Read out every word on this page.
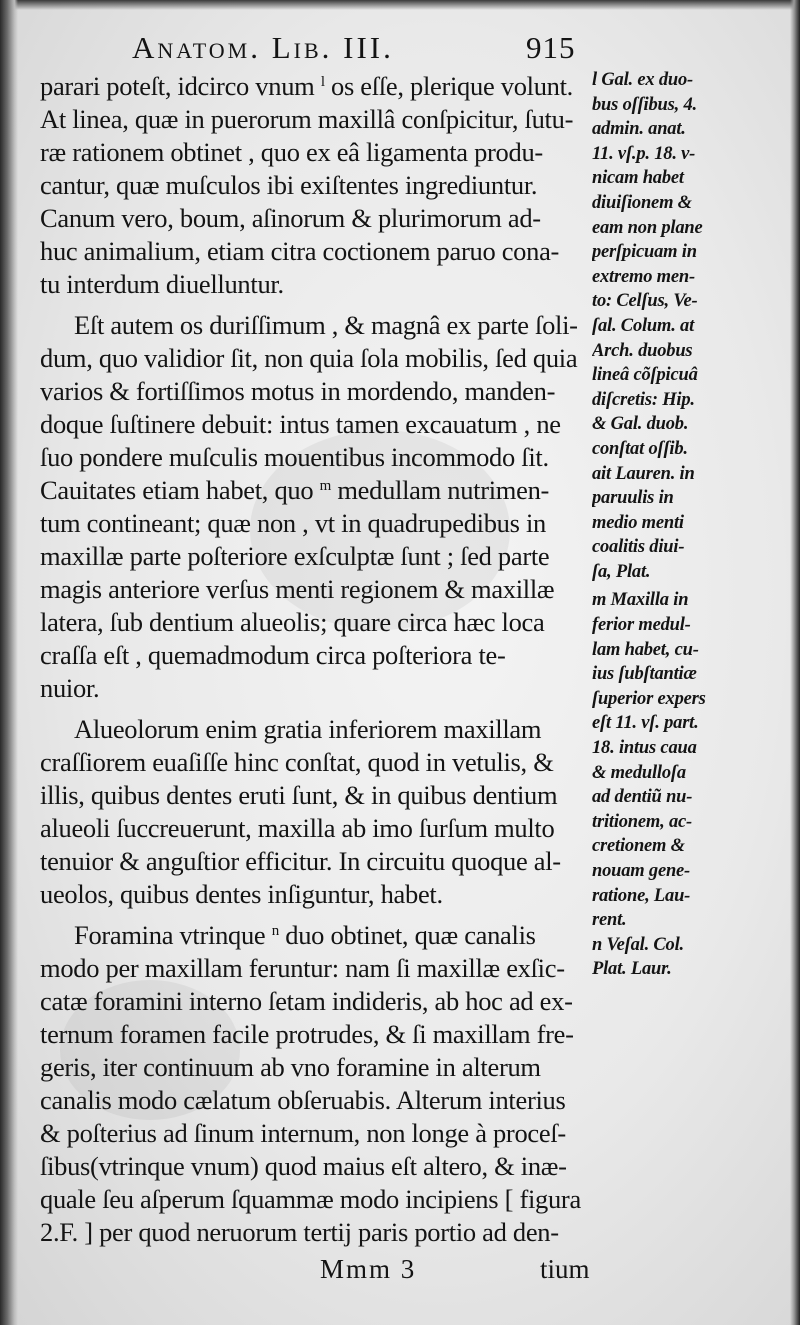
Anatom. Lib. III.	915
parari poteſt, idcirco vnum $^l$ os eſſe, plerique volunt.
At linea, quæ in puerorum maxillâ conſpicitur, ſutu-
ræ rationem obtinet , quo ex eâ ligamenta produ-
cantur, quæ muſculos ibi exiſtentes ingrediuntur.
Canum vero, boum, aſinorum & plurimorum ad-
huc animalium, etiam citra coctionem paruo cona-
tu interdum diuelluntur.
Eſt autem os duriſſimum , & magnâ ex parte ſoli-
dum, quo validior ſit, non quia ſola mobilis, ſed quia
varios & fortiſſimos motus in mordendo, manden-
doque ſuſtinere debuit: intus tamen excauatum , ne
ſuo pondere muſculis mouentibus incommodo ſit.
Cauitates etiam habet, quo $^m$ medullam nutrimen-
tum contineant; quæ non , vt in quadrupedibus in
maxillæ parte poſteriore exſculptæ ſunt ; ſed parte
magis anteriore verſus menti regionem & maxillæ
latera, ſub dentium alueolis; quare circa hæc loca
craſſa eſt , quemadmodum circa poſteriora te-
nuior.
Alueolorum enim gratia inferiorem maxillam
craſſiorem euaſiſſe hinc conſtat, quod in vetulis, &
illis, quibus dentes eruti ſunt, & in quibus dentium
alueoli ſuccreuerunt, maxilla ab imo ſurſum multo
tenuior & anguſtior efficitur. In circuitu quoque al-
ueolos, quibus dentes inſiguntur, habet.
Foramina vtrinque $^n$ duo obtinet, quæ canalis
modo per maxillam feruntur: nam ſi maxillæ exſic-
catæ foramini interno ſetam indideris, ab hoc ad ex-
ternum foramen facile protrudes, & ſi maxillam fre-
geris, iter continuum ab vno foramine in alterum
canalis modo cælatum obſeruabis. Alterum interius
& poſterius ad ſinum internum, non longe à proceſ-
ſibus(vtrinque vnum) quod maius eſt altero, & inæ-
quale ſeu aſperum ſquammæ modo incipiens [ figura
2.F. ] per quod neruorum tertij paris portio ad den-
l Gal. ex duo-
bus oſſibus, 4.
admin. anat.
11. vſ.p. 18. v-
nicam habet
diuiſionem &
eam non plane
perſpicuam in
extremo men-
to: Celſus, Ve-
ſal. Colum. at
Arch. duobus
lineâ cõſpicuâ
diſcretis: Hip.
& Gal. duob.
conſtat oſſib.
ait Lauren. in
paruulis in
medio menti
coalitis diui-
ſa, Plat.
m Maxilla in
ferior medul-
lam habet, cu-
ius ſubſtantiæ
ſuperior expers
eſt 11. vſ. part.
18. intus caua
& medulloſa
ad dentiũ nu-
tritionem, ac-
cretionem &
nouam gene-
ratione, Lau-
rent.
n Veſal. Col.
Plat. Laur.
Mmm 3	tium
